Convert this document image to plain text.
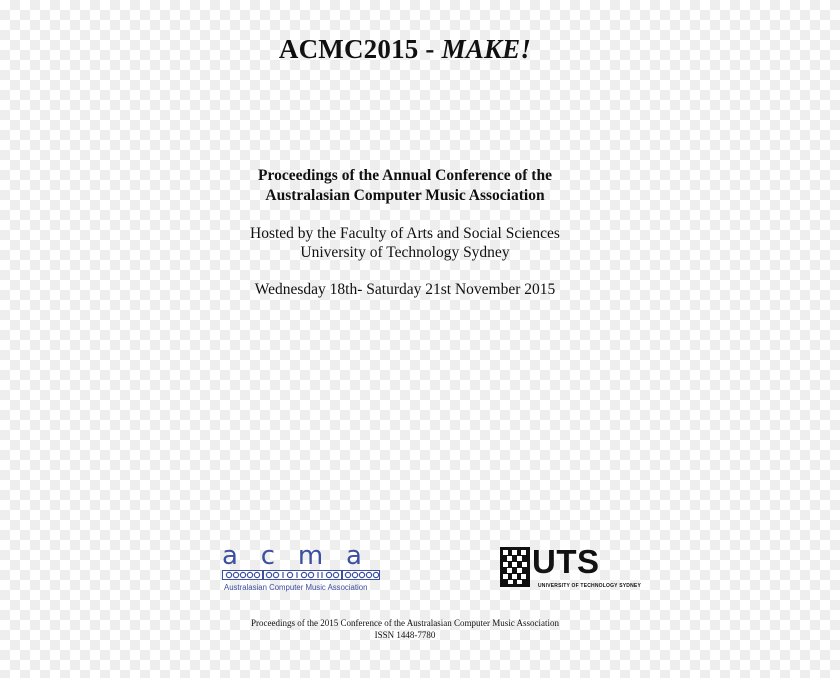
ACMC2015 - MAKE!
Proceedings of the Annual Conference of the
Australasian Computer Music Association
Hosted by the Faculty of Arts and Social Sciences
University of Technology Sydney
Wednesday 18th- Saturday 21st November 2015
a c m a
Australasian Computer Music Association
UTS
UNIVERSITY OF TECHNOLOGY SYDNEY
Proceedings of the 2015 Conference of the Australasian Computer Music Association
ISSN 1448-7780
